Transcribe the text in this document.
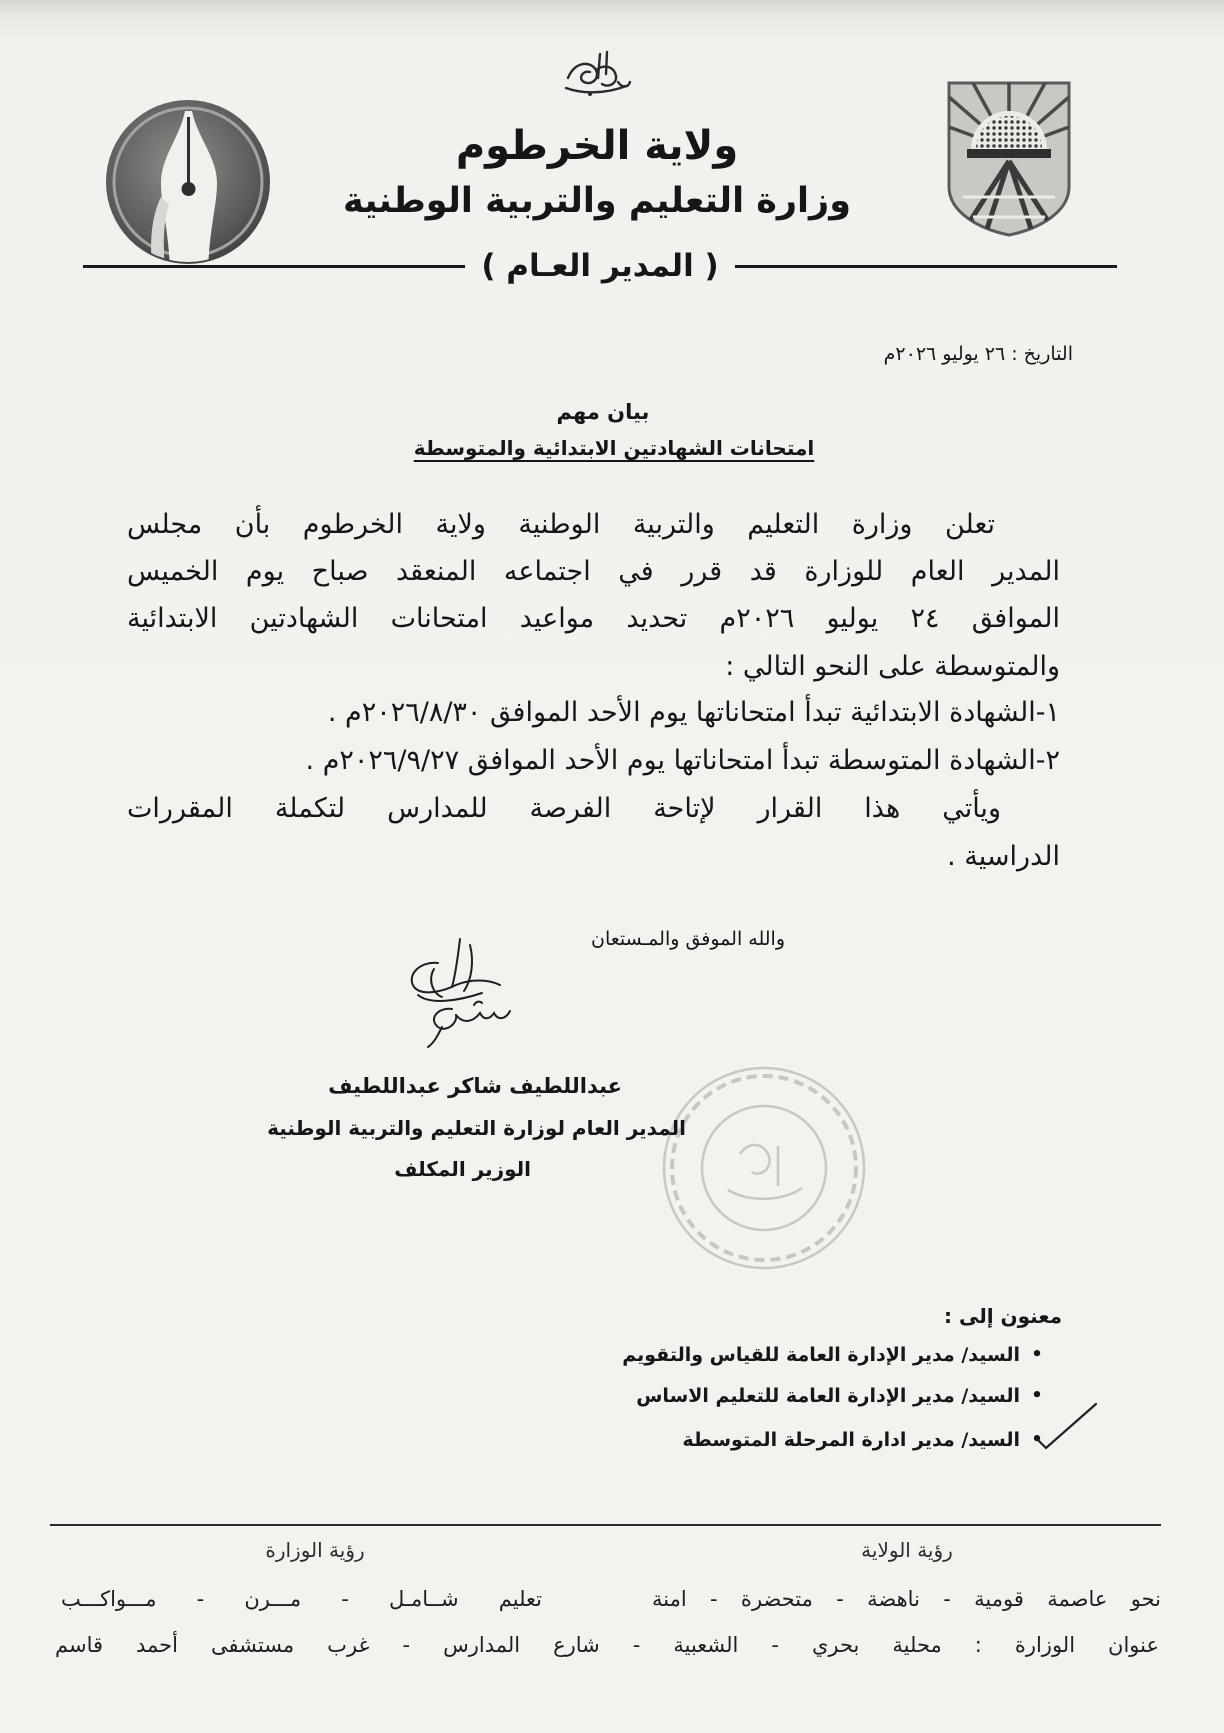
ولاية الخرطوم
وزارة التعليم والتربية الوطنية
( المدير العـام )
التاريخ : ٢٦ يوليو ٢٠٢٦م
بيان مهم
امتحانات الشهادتين الابتدائية والمتوسطة
تعلن وزارة التعليم والتربية الوطنية ولاية الخرطوم بأن مجلس
المدير العام للوزارة قد قرر في اجتماعه المنعقد صباح يوم الخميس
الموافق ٢٤ يوليو ٢٠٢٦م تحديد مواعيد امتحانات الشهادتين الابتدائية
والمتوسطة على النحو التالي :
١-الشهادة الابتدائية تبدأ امتحاناتها يوم الأحد الموافق ٢٠٢٦/٨/٣٠م .
٢-الشهادة المتوسطة تبدأ امتحاناتها يوم الأحد الموافق ٢٠٢٦/٩/٢٧م .
ويأتي هذا القرار لإتاحة الفرصة للمدارس لتكملة المقررات
الدراسية .
والله الموفق والمـستعان
عبداللطيف شاكر عبداللطيف
المدير العام لوزارة التعليم والتربية الوطنية
الوزير المكلف
معنون إلى :
•
السيد/ مدير الإدارة العامة للقياس والتقويم
•
السيد/ مدير الإدارة العامة للتعليم الاساس
•
السيد/ مدير ادارة المرحلة المتوسطة
رؤية الولاية
رؤية الوزارة
نحو عاصمة قومية - ناهضة - متحضرة - امنة
تعليم شــامـل - مـــرن - مـــواكـــب
عنوان الوزارة : محلية بحري - الشعبية - شارع المدارس - غرب مستشفى أحمد قاسم
